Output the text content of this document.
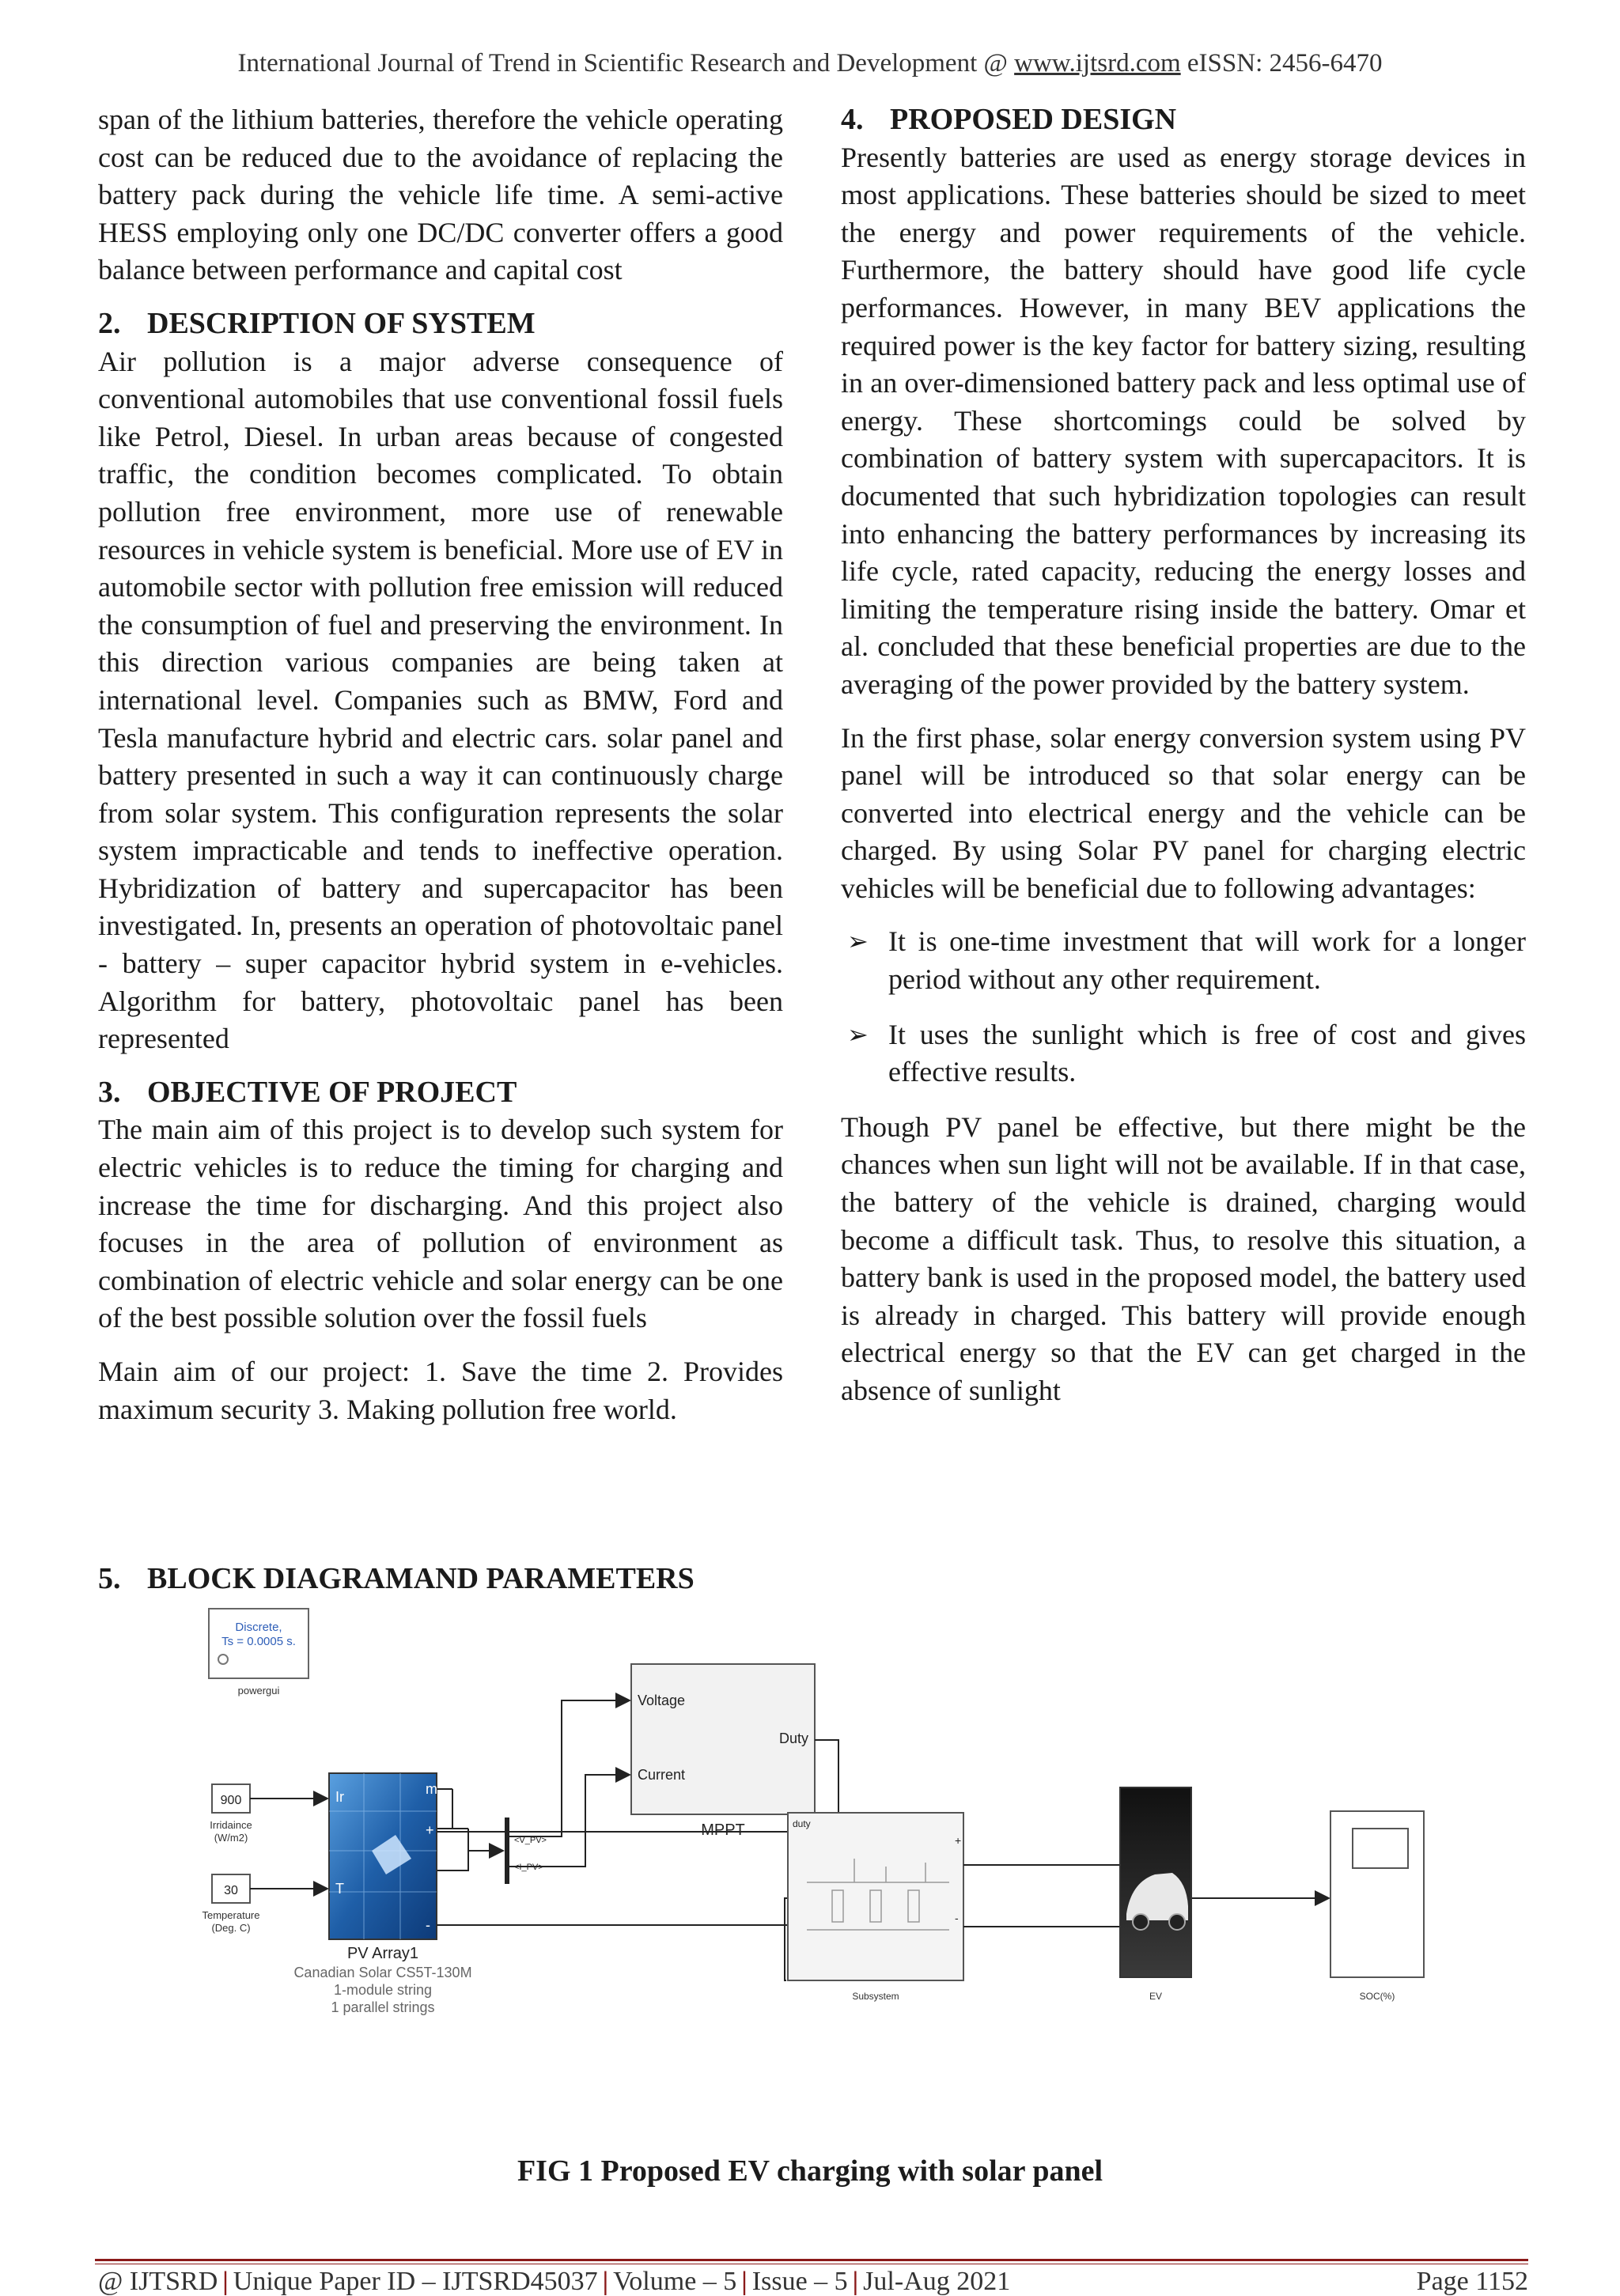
International Journal of Trend in Scientific Research and Development @ www.ijtsrd.com eISSN: 2456-6470

span of the lithium batteries, therefore the vehicle operating cost can be reduced due to the avoidance of replacing the battery pack during the vehicle life time. A semi-active HESS employing only one DC/DC converter offers a good balance between performance and capital cost

2. DESCRIPTION OF SYSTEM

Air pollution is a major adverse consequence of conventional automobiles that use conventional fossil fuels like Petrol, Diesel. In urban areas because of congested traffic, the condition becomes complicated. To obtain pollution free environment, more use of renewable resources in vehicle system is beneficial. More use of EV in automobile sector with pollution free emission will reduced the consumption of fuel and preserving the environment. In this direction various companies are being taken at international level. Companies such as BMW, Ford and Tesla manufacture hybrid and electric cars. solar panel and battery presented in such a way it can continuously charge from solar system. This configuration represents the solar system impracticable and tends to ineffective operation. Hybridization of battery and supercapacitor has been investigated. In, presents an operation of photovoltaic panel - battery – super capacitor hybrid system in e-vehicles. Algorithm for battery, photovoltaic panel has been represented

3. OBJECTIVE OF PROJECT

The main aim of this project is to develop such system for electric vehicles is to reduce the timing for charging and increase the time for discharging. And this project also focuses in the area of pollution of environment as combination of electric vehicle and solar energy can be one of the best possible solution over the fossil fuels

Main aim of our project: 1. Save the time 2. Provides maximum security 3. Making pollution free world.

4. PROPOSED DESIGN

Presently batteries are used as energy storage devices in most applications. These batteries should be sized to meet the energy and power requirements of the vehicle. Furthermore, the battery should have good life cycle performances. However, in many BEV applications the required power is the key factor for battery sizing, resulting in an over-dimensioned battery pack and less optimal use of energy. These shortcomings could be solved by combination of battery system with supercapacitors. It is documented that such hybridization topologies can result into enhancing the battery performances by increasing its life cycle, rated capacity, reducing the energy losses and limiting the temperature rising inside the battery. Omar et al. concluded that these beneficial properties are due to the averaging of the power provided by the battery system.

In the first phase, solar energy conversion system using PV panel will be introduced so that solar energy can be converted into electrical energy and the vehicle can be charged. By using Solar PV panel for charging electric vehicles will be beneficial due to following advantages:

➢ It is one-time investment that will work for a longer period without any other requirement.
➢ It uses the sunlight which is free of cost and gives effective results.

Though PV panel be effective, but there might be the chances when sun light will not be available. If in that case, the battery of the vehicle is drained, charging would become a difficult task. Thus, to resolve this situation, a battery bank is used in the proposed model, the battery used is already in charged. This battery will provide enough electrical energy so that the EV can get charged in the absence of sunlight

5. BLOCK DIAGRAMAND PARAMETERS
Discrete,
Ts = 0.0005 s.
powergui
Voltage
Current
Duty
MPPT
<V_PV>
<I_PV>
900
Irridaince
(W/m2)
30
Temperature
(Deg. C)
Ir
T
m
+
-
PV Array1
Canadian Solar CS5T-130M
1-module string
1 parallel strings
duty
+
-
Subsystem	EV	SOC(%)
FIG 1 Proposed EV charging with solar panel
@ IJTSRD | Unique Paper ID – IJTSRD45037 | Volume – 5 | Issue – 5 | Jul-Aug 2021	Page 1152
